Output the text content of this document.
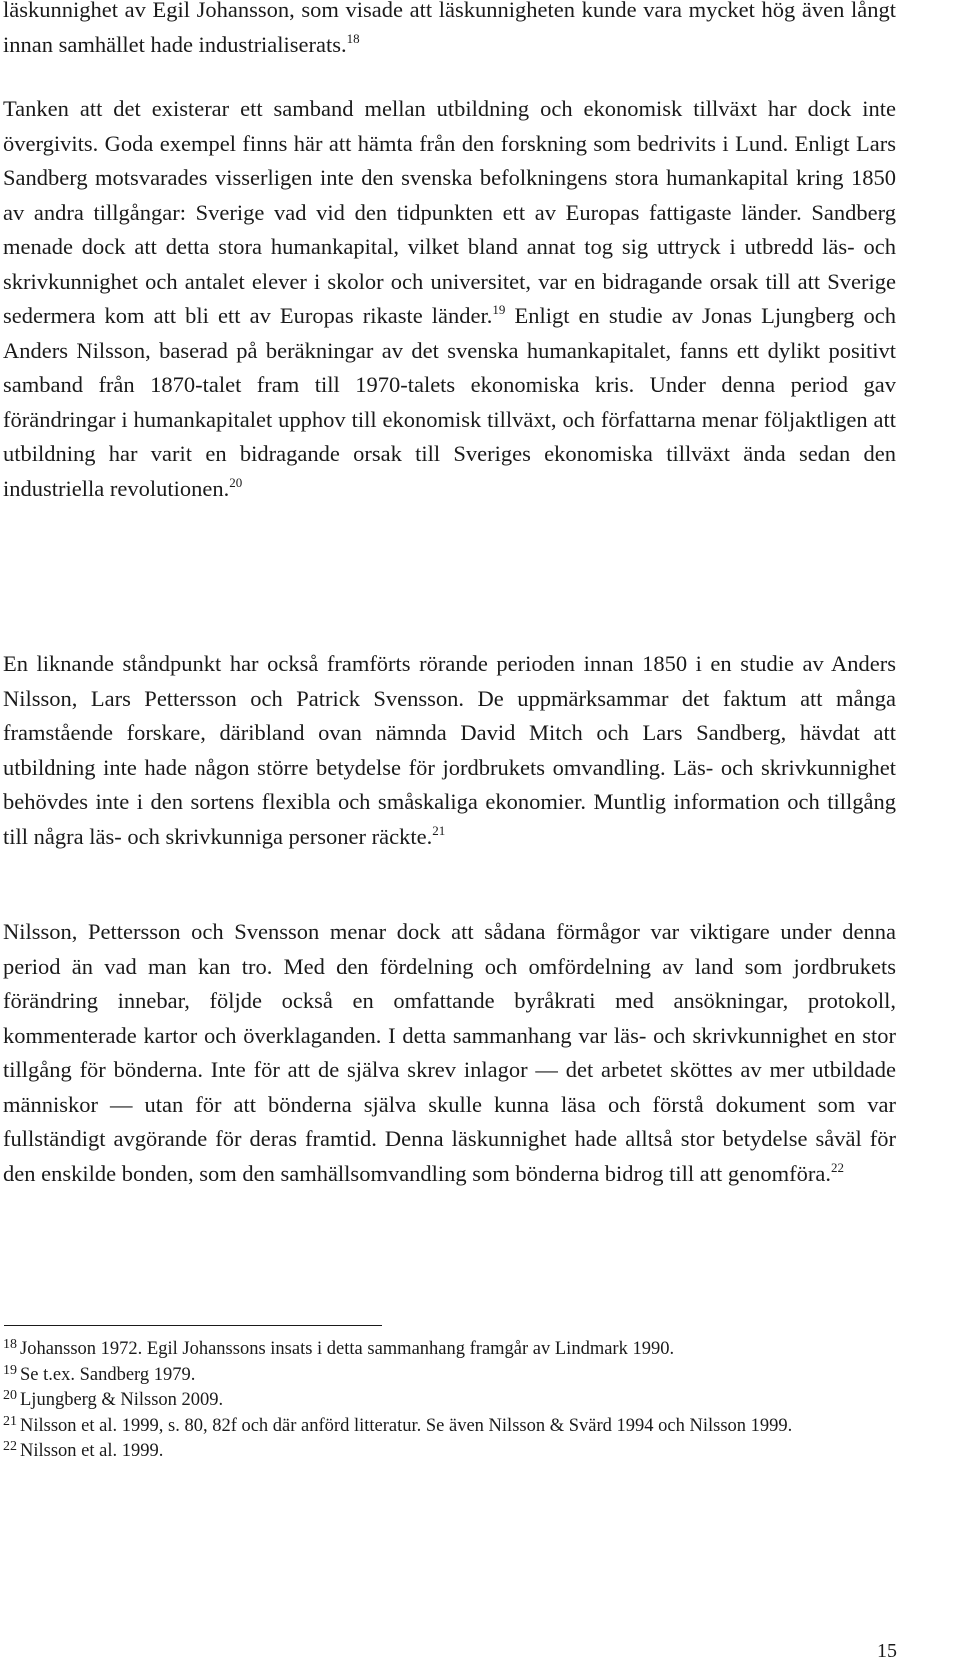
läskunnighet av Egil Johansson, som visade att läskunnigheten kunde vara mycket hög även långt innan samhället hade industrialiserats.$^{18}$

Tanken att det existerar ett samband mellan utbildning och ekonomisk tillväxt har dock inte övergivits. Goda exempel finns här att hämta från den forskning som bedrivits i Lund. Enligt Lars Sandberg motsvarades visserligen inte den svenska befolkningens stora humankapital kring 1850 av andra tillgångar: Sverige vad vid den tidpunkten ett av Europas fattigaste länder. Sandberg menade dock att detta stora humankapital, vilket bland annat tog sig uttryck i utbredd läs- och skrivkunnighet och antalet elever i skolor och universitet, var en bidragande orsak till att Sverige sedermera kom att bli ett av Europas rikaste länder.$^{19}$ Enligt en studie av Jonas Ljungberg och Anders Nilsson, baserad på beräkningar av det svenska humankapitalet, fanns ett dylikt positivt samband från 1870-talet fram till 1970-talets ekonomiska kris. Under denna period gav förändringar i humankapitalet upphov till ekonomisk tillväxt, och författarna menar följaktligen att utbildning har varit en bidragande orsak till Sveriges ekonomiska tillväxt ända sedan den industriella revolutionen.$^{20}$

En liknande ståndpunkt har också framförts rörande perioden innan 1850 i en studie av Anders Nilsson, Lars Pettersson och Patrick Svensson. De uppmärksammar det faktum att många framstående forskare, däribland ovan nämnda David Mitch och Lars Sandberg, hävdat att utbildning inte hade någon större betydelse för jordbrukets omvandling. Läs- och skrivkunnighet behövdes inte i den sortens flexibla och småskaliga ekonomier. Muntlig information och tillgång till några läs- och skrivkunniga personer räckte.$^{21}$

Nilsson, Pettersson och Svensson menar dock att sådana förmågor var viktigare under denna period än vad man kan tro. Med den fördelning och omfördelning av land som jordbrukets förändring innebar, följde också en omfattande byråkrati med ansökningar, protokoll, kommenterade kartor och överklaganden. I detta sammanhang var läs- och skrivkunnighet en stor tillgång för bönderna. Inte för att de själva skrev inlagor — det arbetet sköttes av mer utbildade människor — utan för att bönderna själva skulle kunna läsa och förstå dokument som var fullständigt avgörande för deras framtid. Denna läskunnighet hade alltså stor betydelse såväl för den enskilde bonden, som den samhällsomvandling som bönderna bidrog till att genomföra.$^{22}$

$^{18}$ Johansson 1972. Egil Johanssons insats i detta sammanhang framgår av Lindmark 1990.

$^{19}$ Se t.ex. Sandberg 1979.

$^{20}$ Ljungberg & Nilsson 2009.

$^{21}$ Nilsson et al. 1999, s. 80, 82f och där anförd litteratur. Se även Nilsson & Svärd 1994 och Nilsson 1999.

$^{22}$ Nilsson et al. 1999.

15
